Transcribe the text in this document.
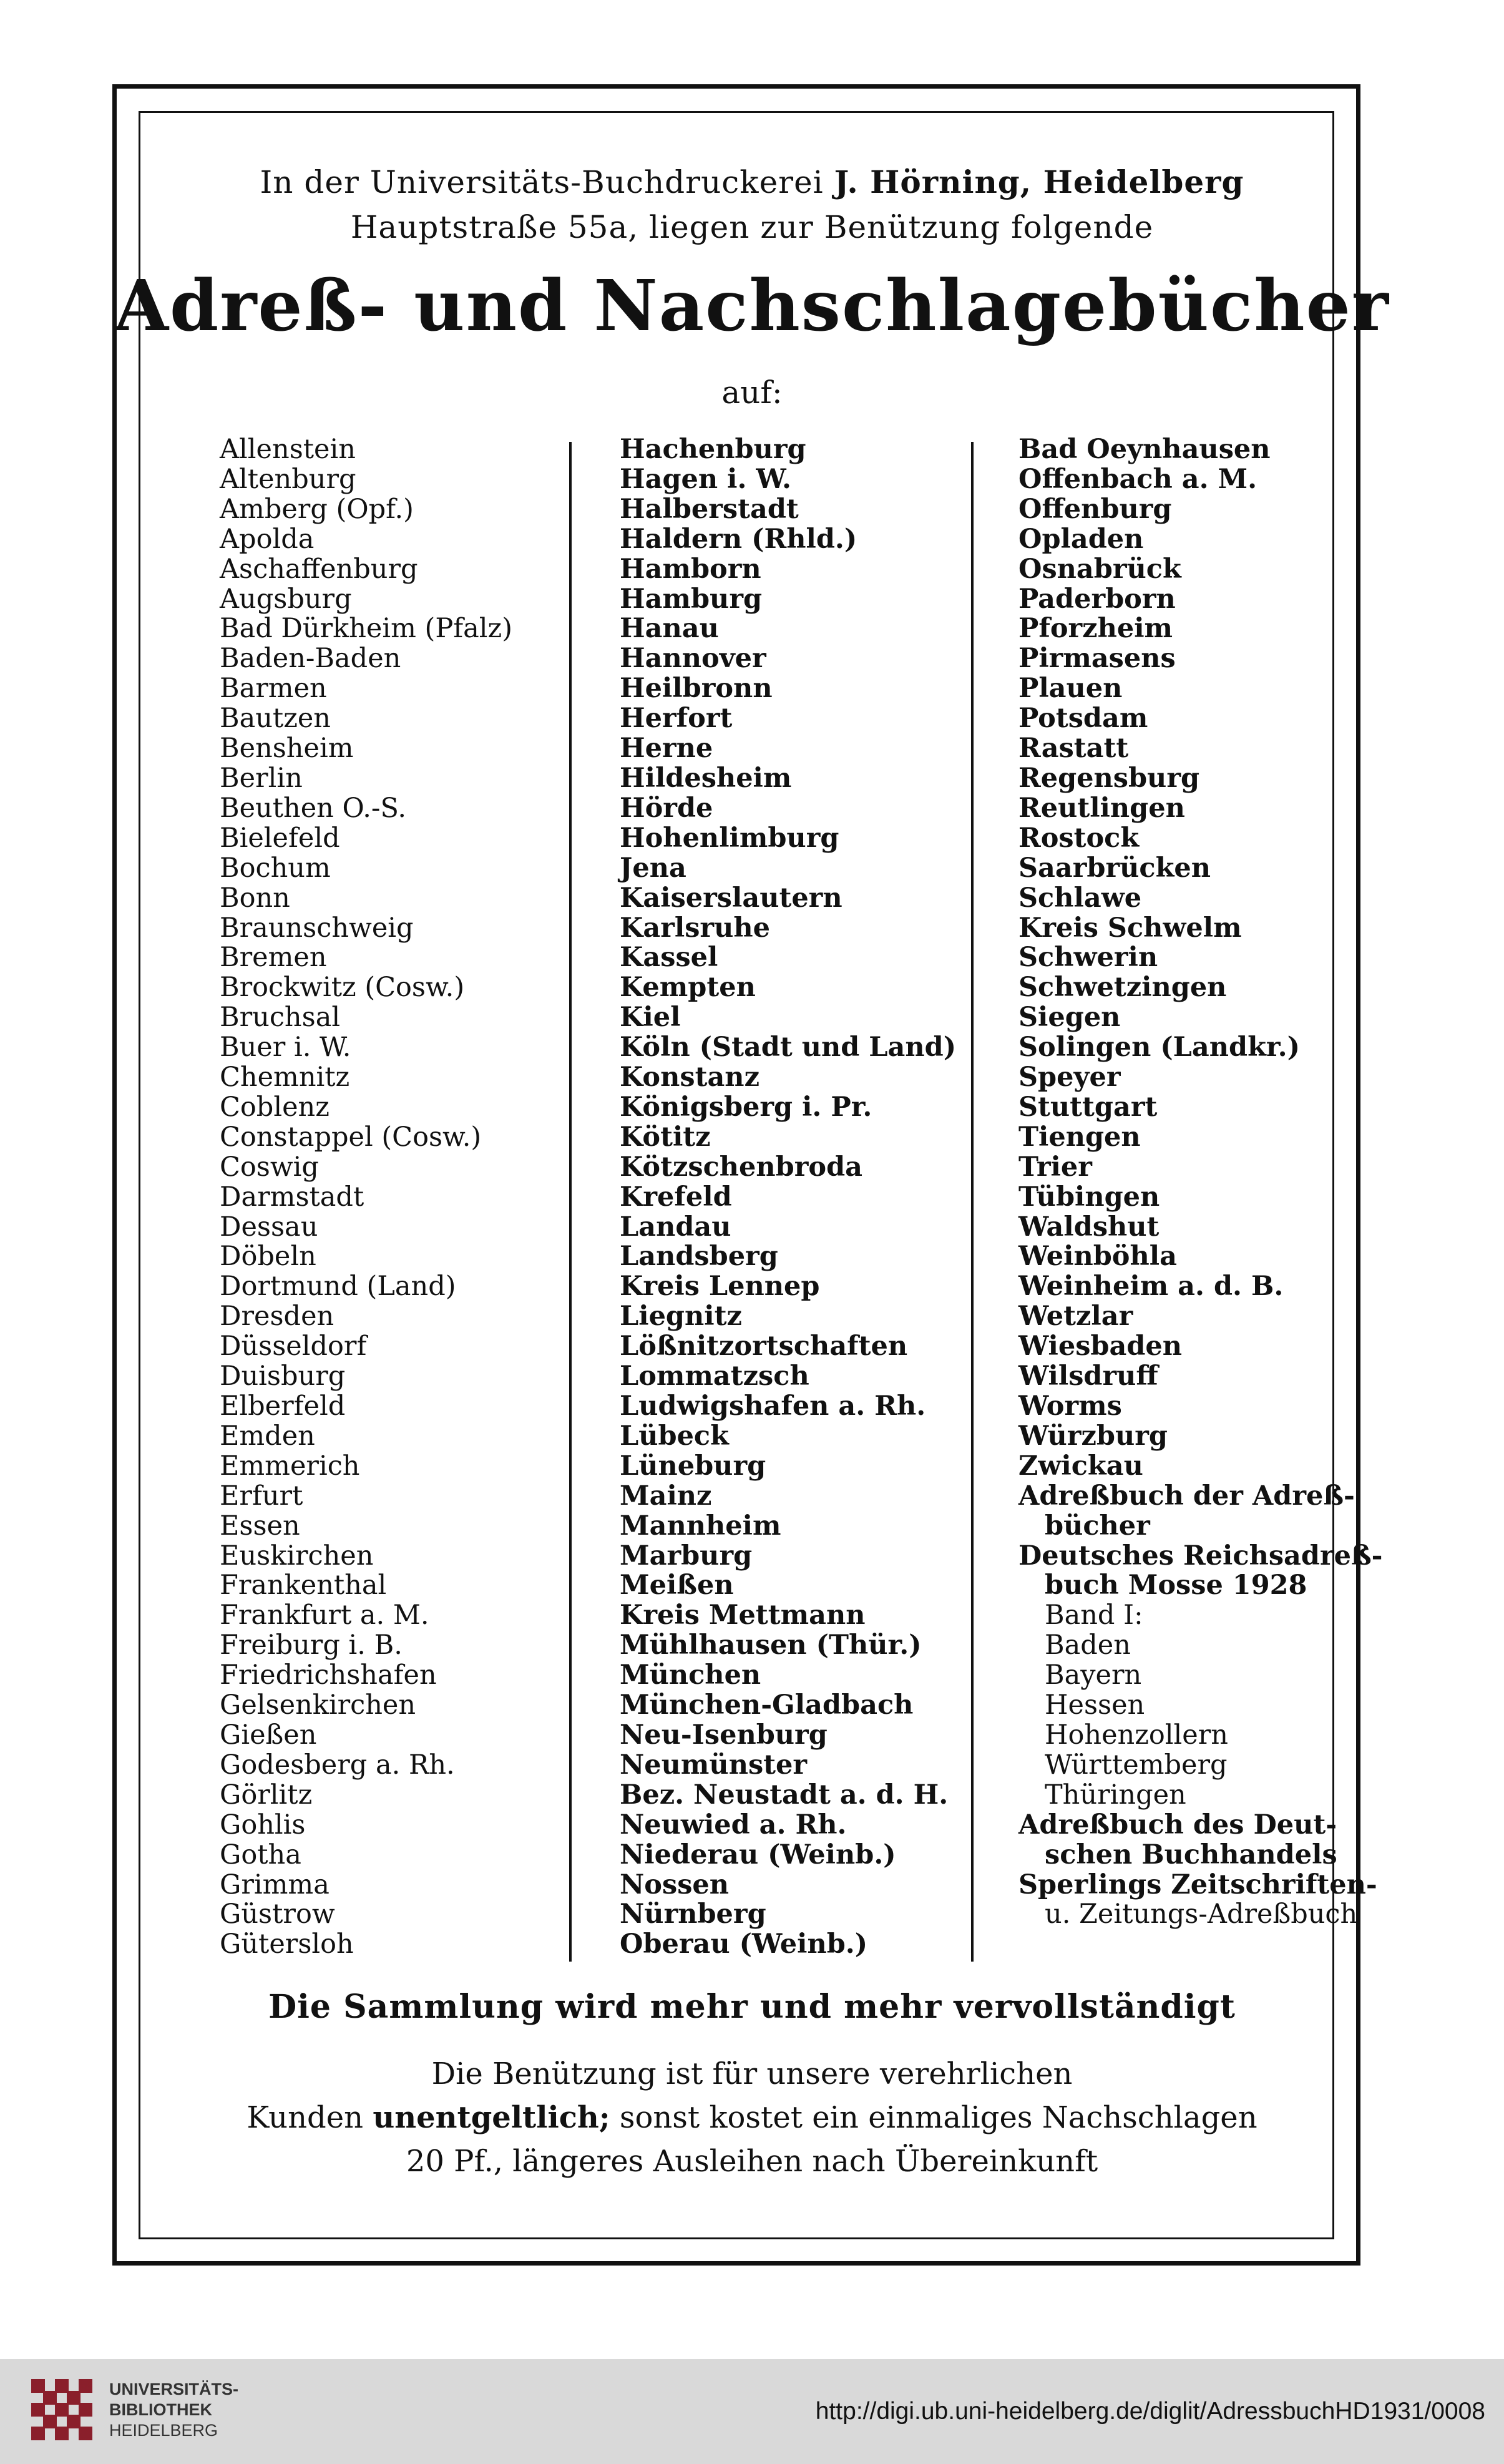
In der Universitäts-Buchdruckerei J. Hörning, Heidelberg
Hauptstraße 55a, liegen zur Benützung folgende
Adreß- und Nachschlagebücher
auf:
Allenstein
Altenburg
Amberg (Opf.)
Apolda
Aschaffenburg
Augsburg
Bad Dürkheim (Pfalz)
Baden-Baden
Barmen
Bautzen
Bensheim
Berlin
Beuthen O.-S.
Bielefeld
Bochum
Bonn
Braunschweig
Bremen
Brockwitz (Cosw.)
Bruchsal
Buer i. W.
Chemnitz
Coblenz
Constappel (Cosw.)
Coswig
Darmstadt
Dessau
Döbeln
Dortmund (Land)
Dresden
Düsseldorf
Duisburg
Elberfeld
Emden
Emmerich
Erfurt
Essen
Euskirchen
Frankenthal
Frankfurt a. M.
Freiburg i. B.
Friedrichshafen
Gelsenkirchen
Gießen
Godesberg a. Rh.
Görlitz
Gohlis
Gotha
Grimma
Güstrow
Gütersloh
Hachenburg
Hagen i. W.
Halberstadt
Haldern (Rhld.)
Hamborn
Hamburg
Hanau
Hannover
Heilbronn
Herfort
Herne
Hildesheim
Hörde
Hohenlimburg
Jena
Kaiserslautern
Karlsruhe
Kassel
Kempten
Kiel
Köln (Stadt und Land)
Konstanz
Königsberg i. Pr.
Kötitz
Kötzschenbroda
Krefeld
Landau
Landsberg
Kreis Lennep
Liegnitz
Lößnitzortschaften
Lommatzsch
Ludwigshafen a. Rh.
Lübeck
Lüneburg
Mainz
Mannheim
Marburg
Meißen
Kreis Mettmann
Mühlhausen (Thür.)
München
München-Gladbach
Neu-Isenburg
Neumünster
Bez. Neustadt a. d. H.
Neuwied a. Rh.
Niederau (Weinb.)
Nossen
Nürnberg
Oberau (Weinb.)
Bad Oeynhausen
Offenbach a. M.
Offenburg
Opladen
Osnabrück
Paderborn
Pforzheim
Pirmasens
Plauen
Potsdam
Rastatt
Regensburg
Reutlingen
Rostock
Saarbrücken
Schlawe
Kreis Schwelm
Schwerin
Schwetzingen
Siegen
Solingen (Landkr.)
Speyer
Stuttgart
Tiengen
Trier
Tübingen
Waldshut
Weinböhla
Weinheim a. d. B.
Wetzlar
Wiesbaden
Wilsdruff
Worms
Würzburg
Zwickau
Adreßbuch der Adreß-
bücher
Deutsches Reichsadreß-
buch Mosse 1928
Band I:
Baden
Bayern
Hessen
Hohenzollern
Württemberg
Thüringen
Adreßbuch des Deut-
schen Buchhandels
Sperlings Zeitschriften-
u. Zeitungs-Adreßbuch
Die Sammlung wird mehr und mehr vervollständigt
Die Benützung ist für unsere verehrlichen
Kunden unentgeltlich; sonst kostet ein einmaliges Nachschlagen
20 Pf., längeres Ausleihen nach Übereinkunft
UNIVERSITÄTS-
BIBLIOTHEK
HEIDELBERG
http://digi.ub.uni-heidelberg.de/diglit/AdressbuchHD1931/0008
